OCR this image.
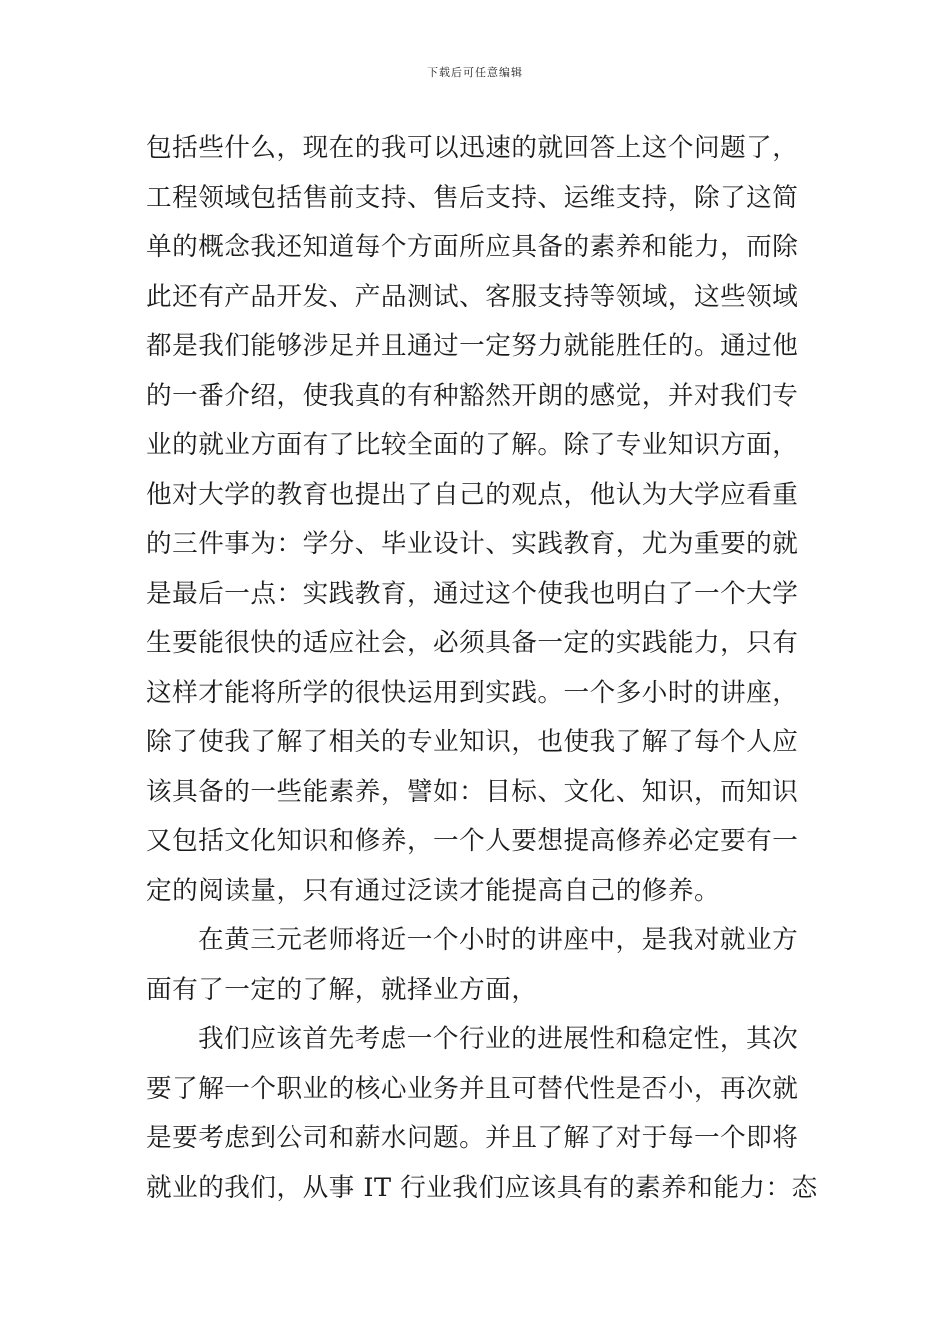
下载后可任意编辑
包括些什么，现在的我可以迅速的就回答上这个问题了，
工程领域包括售前支持、售后支持、运维支持，除了这简
单的概念我还知道每个方面所应具备的素养和能力，而除
此还有产品开发、产品测试、客服支持等领域，这些领域
都是我们能够涉足并且通过一定努力就能胜任的。通过他
的一番介绍，使我真的有种豁然开朗的感觉，并对我们专
业的就业方面有了比较全面的了解。除了专业知识方面，
他对大学的教育也提出了自己的观点，他认为大学应看重
的三件事为：学分、毕业设计、实践教育，尤为重要的就
是最后一点：实践教育，通过这个使我也明白了一个大学
生要能很快的适应社会，必须具备一定的实践能力，只有
这样才能将所学的很快运用到实践。一个多小时的讲座，
除了使我了解了相关的专业知识，也使我了解了每个人应
该具备的一些能素养，譬如：目标、文化、知识，而知识
又包括文化知识和修养，一个人要想提高修养必定要有一
定的阅读量，只有通过泛读才能提高自己的修养。
在黄三元老师将近一个小时的讲座中，是我对就业方
面有了一定的了解，就择业方面，
我们应该首先考虑一个行业的进展性和稳定性，其次
要了解一个职业的核心业务并且可替代性是否小，再次就
是要考虑到公司和薪水问题。并且了解了对于每一个即将
就业的我们，从事 IT 行业我们应该具有的素养和能力：态
